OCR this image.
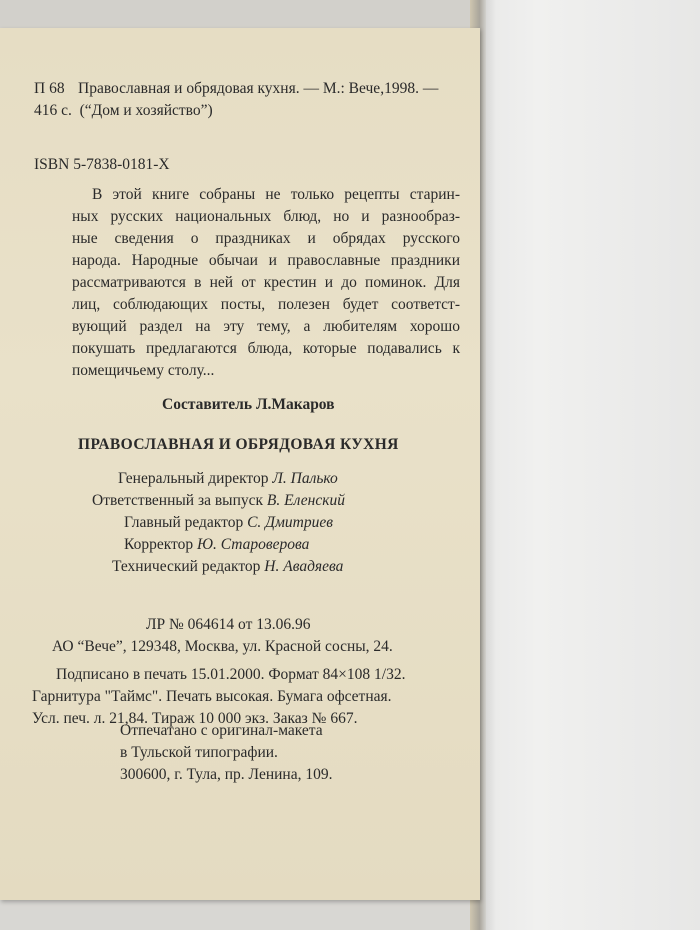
П 68 Православная и обрядовая кухня. — М.: Вече,1998. —
416 с.  (“Дом и хозяйство”)
ISBN 5-7838-0181-X
В этой книге собраны не только рецепты старин-
ных русских национальных блюд, но и разнообраз-
ные сведения о праздниках и обрядах русского
народа. Народные обычаи и православные праздники
рассматриваются в ней от крестин и до поминок. Для
лиц, соблюдающих посты, полезен будет соответст-
вующий раздел на эту тему, а любителям хорошо
покушать предлагаются блюда, которые подавались к
помещичьему столу...
Составитель Л.Макаров
ПРАВОСЛАВНАЯ И ОБРЯДОВАЯ КУХНЯ
Генеральный директор Л. Палько
Ответственный за выпуск В. Еленский
Главный редактор С. Дмитриев
Корректор Ю. Староверова
Технический редактор Н. Авадяева
ЛР № 064614 от 13.06.96
АО “Вече”, 129348, Москва, ул. Красной сосны, 24.
Подписано в печать 15.01.2000. Формат 84×108 1/32.
Гарнитура "Таймс". Печать высокая. Бумага офсетная.
Усл. печ. л. 21,84. Тираж 10 000 экз. Заказ № 667.
Отпечатано с оригинал-макета
в Тульской типографии.
300600, г. Тула, пр. Ленина, 109.
